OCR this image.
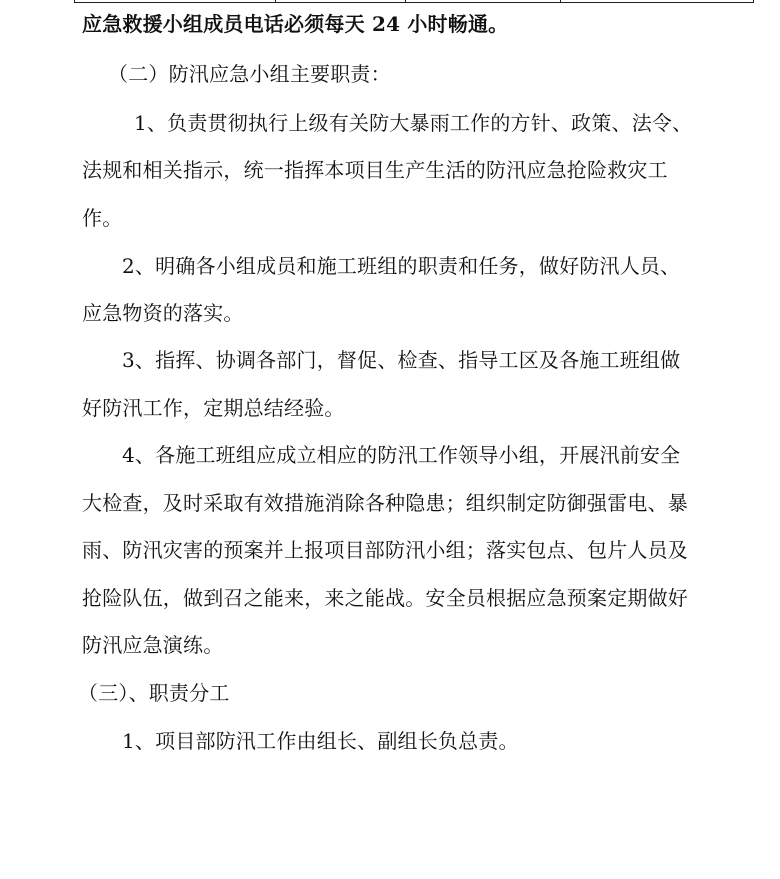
应急救援小组成员电话必须每天 24 小时畅通。
（二）防汛应急小组主要职责：
1、负责贯彻执行上级有关防大暴雨工作的方针、政策、法令、
法规和相关指示，统一指挥本项目生产生活的防汛应急抢险救灾工
作。
2、明确各小组成员和施工班组的职责和任务，做好防汛人员、
应急物资的落实。
3、指挥、协调各部门，督促、检查、指导工区及各施工班组做
好防汛工作，定期总结经验。
4、各施工班组应成立相应的防汛工作领导小组，开展汛前安全
大检查，及时采取有效措施消除各种隐患；组织制定防御强雷电、暴
雨、防汛灾害的预案并上报项目部防汛小组；落实包点、包片人员及
抢险队伍，做到召之能来，来之能战。安全员根据应急预案定期做好
防汛应急演练。
（三）、职责分工
1、项目部防汛工作由组长、副组长负总责。
